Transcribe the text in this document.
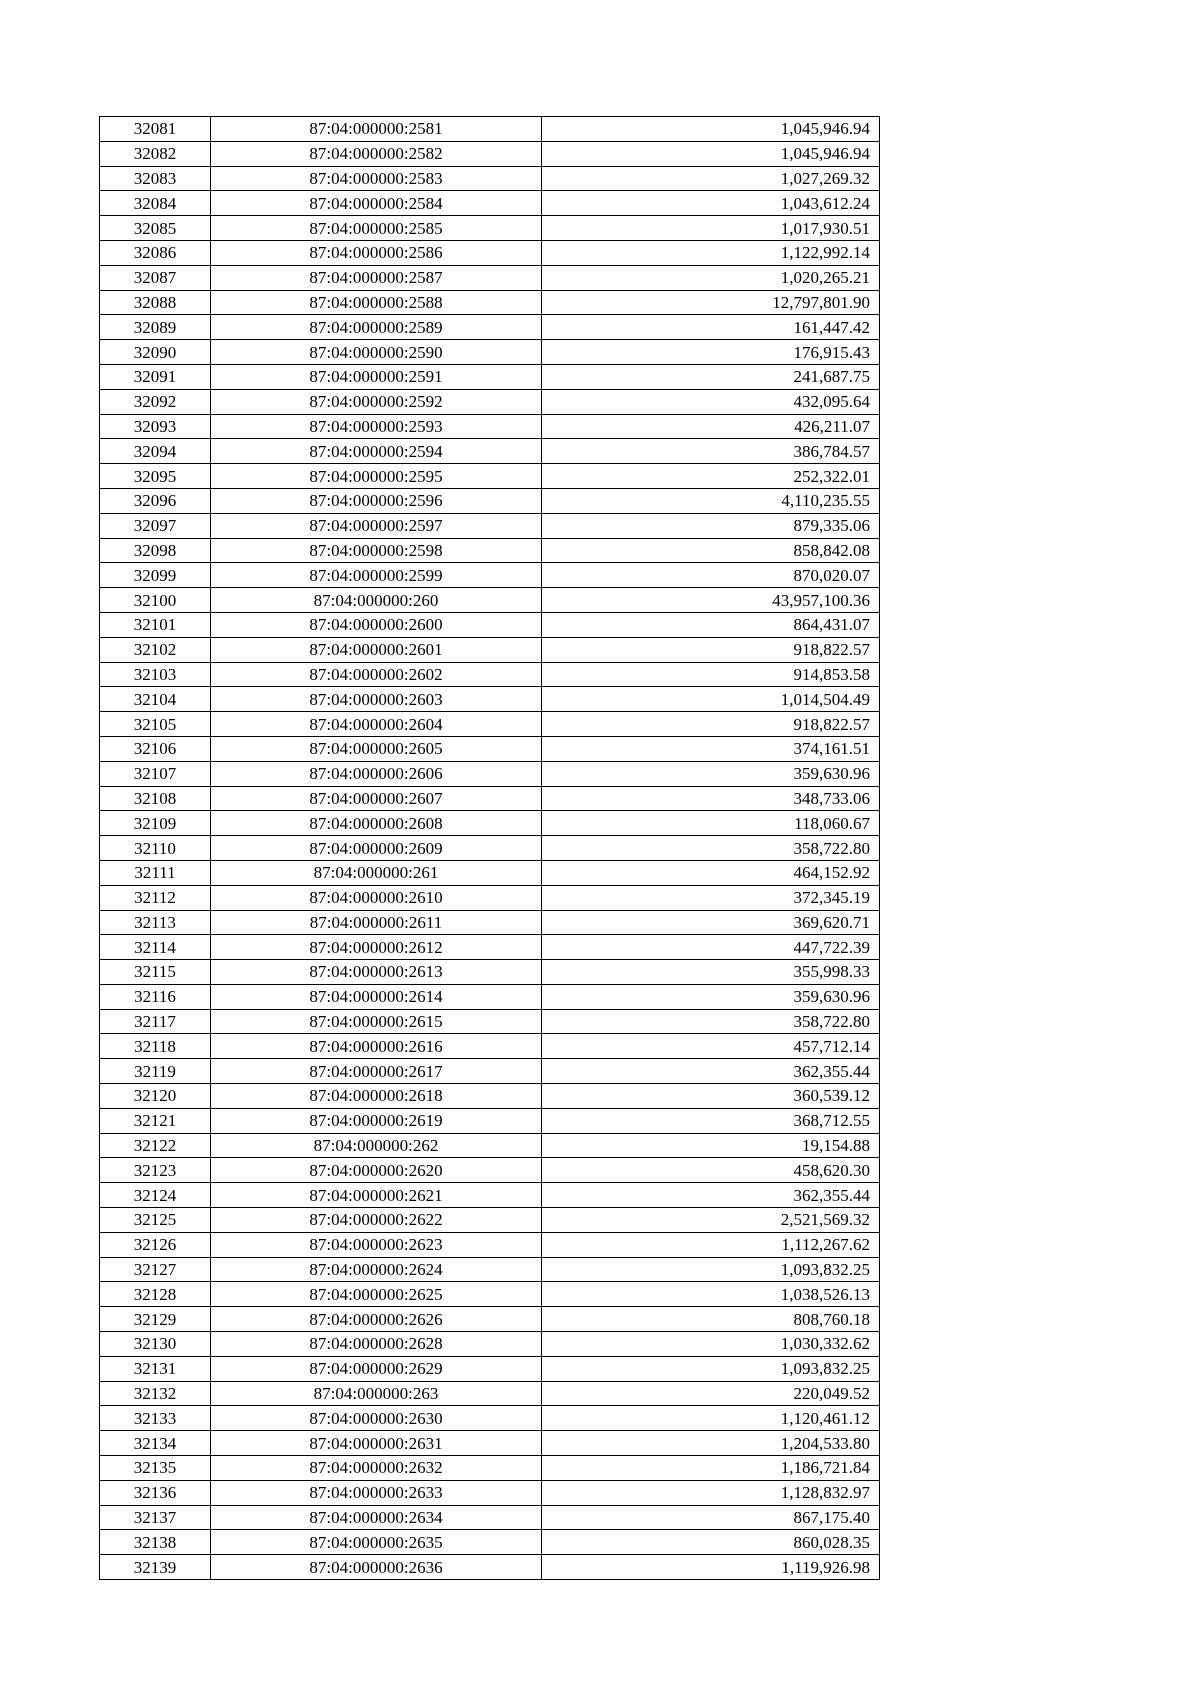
32081	87:04:000000:2581	1,045,946.94
32082	87:04:000000:2582	1,045,946.94
32083	87:04:000000:2583	1,027,269.32
32084	87:04:000000:2584	1,043,612.24
32085	87:04:000000:2585	1,017,930.51
32086	87:04:000000:2586	1,122,992.14
32087	87:04:000000:2587	1,020,265.21
32088	87:04:000000:2588	12,797,801.90
32089	87:04:000000:2589	161,447.42
32090	87:04:000000:2590	176,915.43
32091	87:04:000000:2591	241,687.75
32092	87:04:000000:2592	432,095.64
32093	87:04:000000:2593	426,211.07
32094	87:04:000000:2594	386,784.57
32095	87:04:000000:2595	252,322.01
32096	87:04:000000:2596	4,110,235.55
32097	87:04:000000:2597	879,335.06
32098	87:04:000000:2598	858,842.08
32099	87:04:000000:2599	870,020.07
32100	87:04:000000:260	43,957,100.36
32101	87:04:000000:2600	864,431.07
32102	87:04:000000:2601	918,822.57
32103	87:04:000000:2602	914,853.58
32104	87:04:000000:2603	1,014,504.49
32105	87:04:000000:2604	918,822.57
32106	87:04:000000:2605	374,161.51
32107	87:04:000000:2606	359,630.96
32108	87:04:000000:2607	348,733.06
32109	87:04:000000:2608	118,060.67
32110	87:04:000000:2609	358,722.80
32111	87:04:000000:261	464,152.92
32112	87:04:000000:2610	372,345.19
32113	87:04:000000:2611	369,620.71
32114	87:04:000000:2612	447,722.39
32115	87:04:000000:2613	355,998.33
32116	87:04:000000:2614	359,630.96
32117	87:04:000000:2615	358,722.80
32118	87:04:000000:2616	457,712.14
32119	87:04:000000:2617	362,355.44
32120	87:04:000000:2618	360,539.12
32121	87:04:000000:2619	368,712.55
32122	87:04:000000:262	19,154.88
32123	87:04:000000:2620	458,620.30
32124	87:04:000000:2621	362,355.44
32125	87:04:000000:2622	2,521,569.32
32126	87:04:000000:2623	1,112,267.62
32127	87:04:000000:2624	1,093,832.25
32128	87:04:000000:2625	1,038,526.13
32129	87:04:000000:2626	808,760.18
32130	87:04:000000:2628	1,030,332.62
32131	87:04:000000:2629	1,093,832.25
32132	87:04:000000:263	220,049.52
32133	87:04:000000:2630	1,120,461.12
32134	87:04:000000:2631	1,204,533.80
32135	87:04:000000:2632	1,186,721.84
32136	87:04:000000:2633	1,128,832.97
32137	87:04:000000:2634	867,175.40
32138	87:04:000000:2635	860,028.35
32139	87:04:000000:2636	1,119,926.98
